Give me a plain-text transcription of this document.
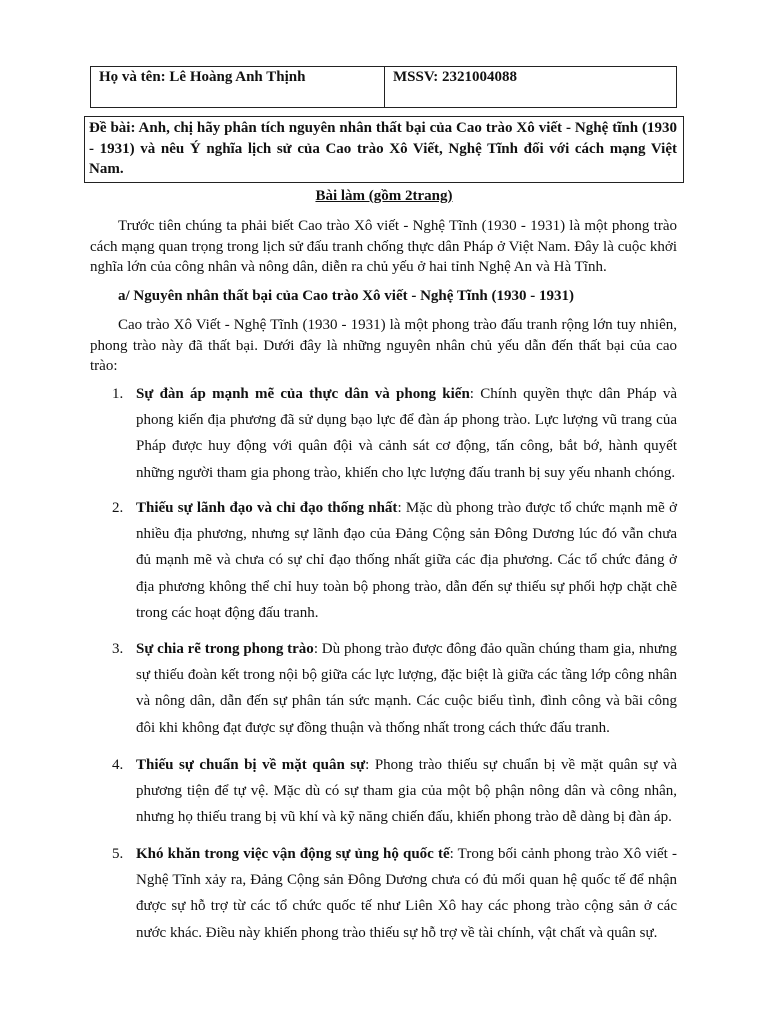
Họ và tên: Lê Hoàng Anh Thịnh	MSSV: 2321004088
Đề bài: Anh, chị hãy phân tích nguyên nhân thất bại của Cao trào Xô viết - Nghệ tĩnh (1930 - 1931) và nêu Ý nghĩa lịch sử của Cao trào Xô Viết, Nghệ Tĩnh đối với cách mạng Việt Nam.
Bài làm (gồm 2trang)

Trước tiên chúng ta phải biết Cao trào Xô viết - Nghệ Tĩnh (1930 - 1931) là một phong trào cách mạng quan trọng trong lịch sử đấu tranh chống thực dân Pháp ở Việt Nam. Đây là cuộc khởi nghĩa lớn của công nhân và nông dân, diễn ra chủ yếu ở hai tỉnh Nghệ An và Hà Tĩnh.

a/ Nguyên nhân thất bại của Cao trào Xô viết - Nghệ Tĩnh (1930 - 1931)

Cao trào Xô Viết - Nghệ Tĩnh (1930 - 1931) là một phong trào đấu tranh rộng lớn tuy nhiên, phong trào này đã thất bại. Dưới đây là những nguyên nhân chủ yếu dẫn đến thất bại của cao trào:

1. Sự đàn áp mạnh mẽ của thực dân và phong kiến: Chính quyền thực dân Pháp và phong kiến địa phương đã sử dụng bạo lực để đàn áp phong trào. Lực lượng vũ trang của Pháp được huy động với quân đội và cảnh sát cơ động, tấn công, bắt bớ, hành quyết những người tham gia phong trào, khiến cho lực lượng đấu tranh bị suy yếu nhanh chóng.
2. Thiếu sự lãnh đạo và chỉ đạo thống nhất: Mặc dù phong trào được tổ chức mạnh mẽ ở nhiều địa phương, nhưng sự lãnh đạo của Đảng Cộng sản Đông Dương lúc đó vẫn chưa đủ mạnh mẽ và chưa có sự chỉ đạo thống nhất giữa các địa phương. Các tổ chức đảng ở địa phương không thể chỉ huy toàn bộ phong trào, dẫn đến sự thiếu sự phối hợp chặt chẽ trong các hoạt động đấu tranh.
3. Sự chia rẽ trong phong trào: Dù phong trào được đông đảo quần chúng tham gia, nhưng sự thiếu đoàn kết trong nội bộ giữa các lực lượng, đặc biệt là giữa các tầng lớp công nhân và nông dân, dẫn đến sự phân tán sức mạnh. Các cuộc biểu tình, đình công và bãi công đôi khi không đạt được sự đồng thuận và thống nhất trong cách thức đấu tranh.
4. Thiếu sự chuẩn bị về mặt quân sự: Phong trào thiếu sự chuẩn bị về mặt quân sự và phương tiện để tự vệ. Mặc dù có sự tham gia của một bộ phận nông dân và công nhân, nhưng họ thiếu trang bị vũ khí và kỹ năng chiến đấu, khiến phong trào dễ dàng bị đàn áp.
5. Khó khăn trong việc vận động sự ủng hộ quốc tế: Trong bối cảnh phong trào Xô viết - Nghệ Tĩnh xảy ra, Đảng Cộng sản Đông Dương chưa có đủ mối quan hệ quốc tế để nhận được sự hỗ trợ từ các tổ chức quốc tế như Liên Xô hay các phong trào cộng sản ở các nước khác. Điều này khiến phong trào thiếu sự hỗ trợ về tài chính, vật chất và quân sự.
